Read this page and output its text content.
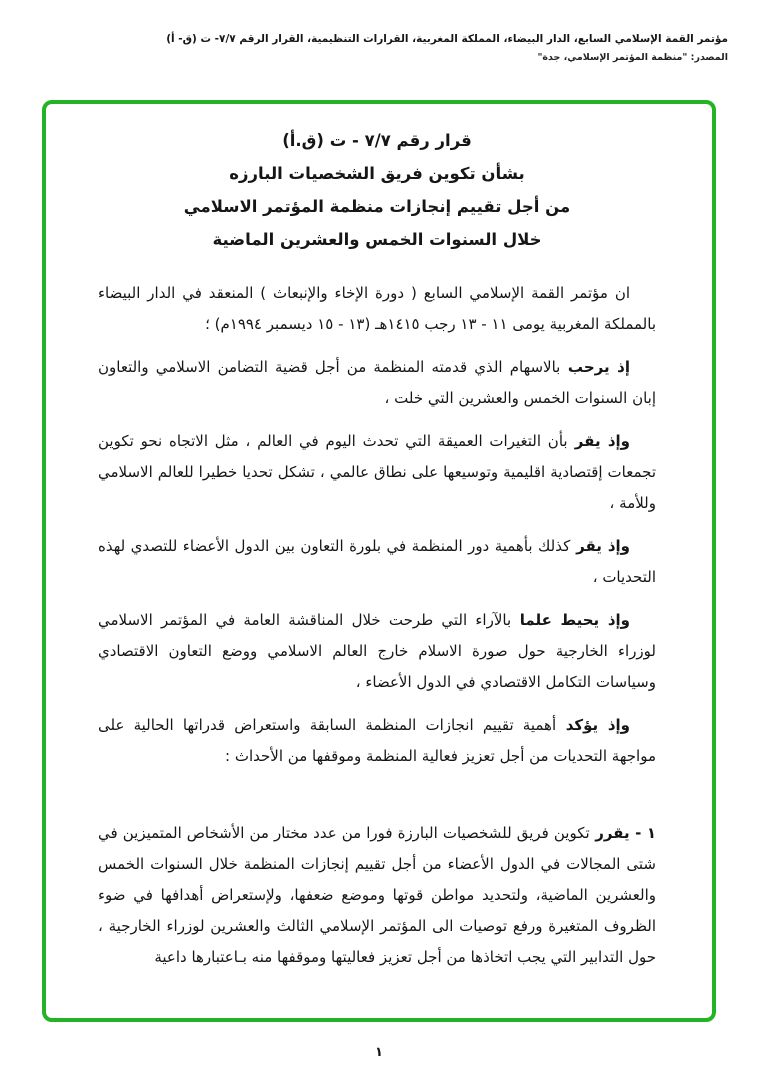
مؤتمر القمة الإسلامي السابع، الدار البيضاء، المملكة المغربية، القرارات التنظيمية، القرار الرقم ٧/٧- ت (ق- أ)
المصدر: "منظمة المؤتمر الإسلامي، جدة"
قرار رقم ٧/٧ - ت (ق.أ)
بشأن تكوين فريق الشخصيات البارزه
من أجل تقييم إنجازات منظمة المؤتمر الاسلامي
خلال السنوات الخمس والعشرين الماضية

ان مؤتمر القمة الإسلامي السابع ( دورة الإخاء والإنبعاث ) المنعقد في الدار البيضاء بالمملكة المغربية يومى ١١ - ١٣ رجب ١٤١٥هـ (١٣ - ١٥ ديسمبر ١٩٩٤م) ؛

إذ يرحب بالاسهام الذي قدمته المنظمة من أجل قضية التضامن الاسلامي والتعاون إبان السنوات الخمس والعشرين التي خلت ،

وإذ يقر بأن التغيرات العميقة التي تحدث اليوم في العالم ، مثل الاتجاه نحو تكوين تجمعات إقتصادية اقليمية وتوسيعها على نطاق عالمي ، تشكل تحديا خطيرا للعالم الاسلامي وللأمة ،

وإذ يقر كذلك بأهمية دور المنظمة في بلورة التعاون بين الدول الأعضاء للتصدي لهذه التحديات ،

وإذ يحيط علما بالآراء التي طرحت خلال المناقشة العامة في المؤتمر الاسلامي لوزراء الخارجية حول صورة الاسلام خارج العالم الاسلامي ووضع التعاون الاقتصادي وسياسات التكامل الاقتصادي في الدول الأعضاء ،

وإذ يؤكد أهمية تقييم انجازات المنظمة السابقة واستعراض قدراتها الحالية على مواجهة التحديات من أجل تعزيز فعالية المنظمة وموقفها من الأحداث :

١ - يقرر تكوين فريق للشخصيات البارزة فورا من عدد مختار من الأشخاص المتميزين في شتى المجالات في الدول الأعضاء من أجل تقييم إنجازات المنظمة خلال السنوات الخمس والعشرين الماضية، ولتحديد مواطن قوتها وموضع ضعفها، ولإستعراض أهدافها في ضوء الظروف المتغيرة ورفع توصيات الى المؤتمر الإسلامي الثالث والعشرين لوزراء الخارجية ، حول التدابير التي يجب اتخاذها من أجل تعزيز فعاليتها وموقفها منه بـاعتبارها داعية

١
